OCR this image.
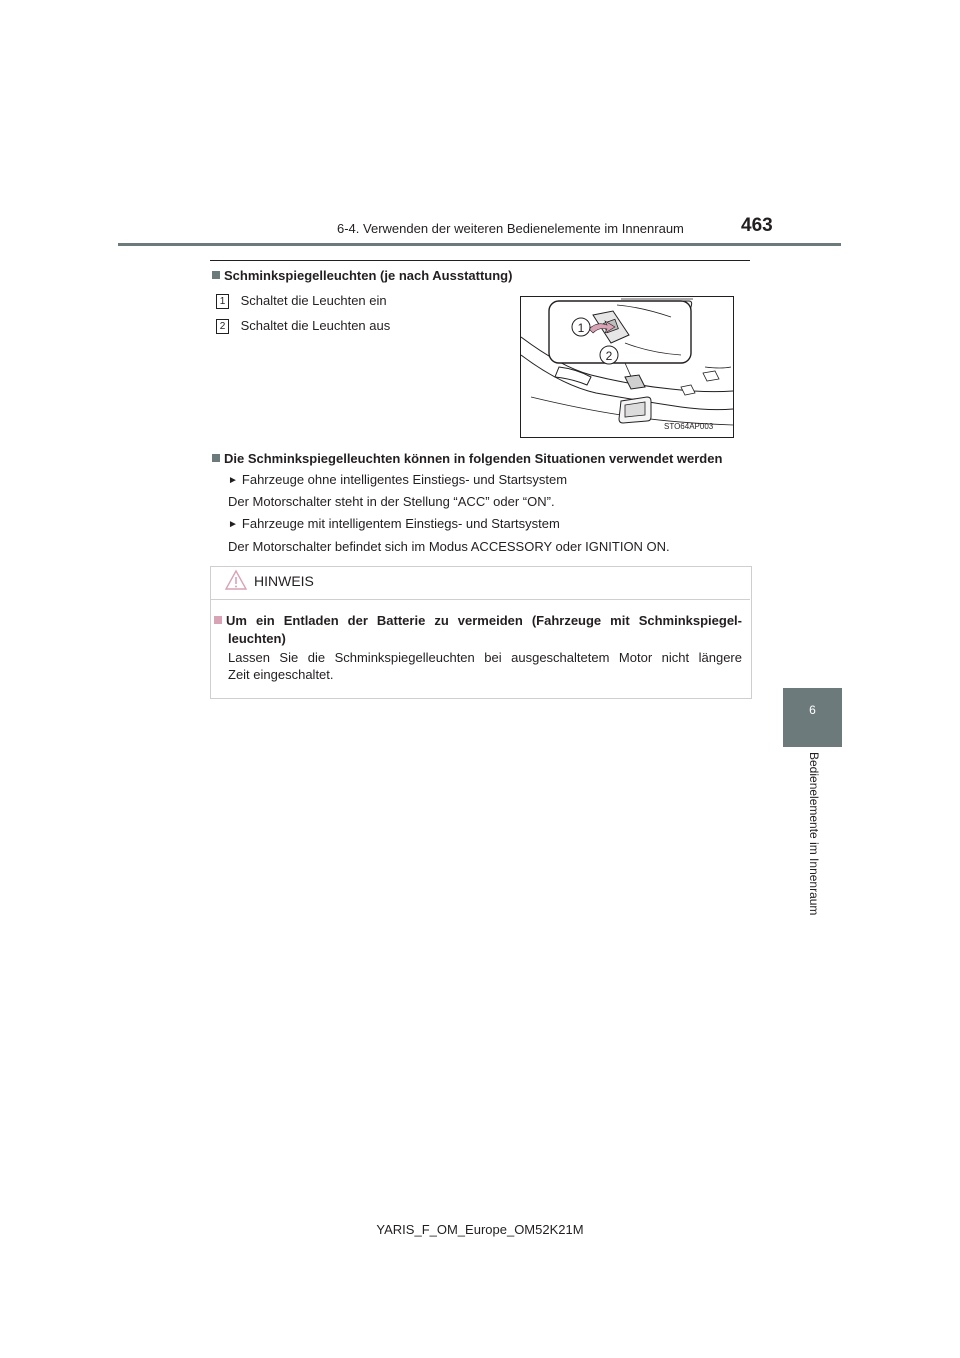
6-4. Verwenden der weiteren Bedienelemente im Innenraum	463
6
Bedienelemente im Innenraum
Schminkspiegelleuchten (je nach Ausstattung)
1 Schaltet die Leuchten ein
2 Schaltet die Leuchten aus	1
2
STO64AP003
Die Schminkspiegelleuchten können in folgenden Situationen verwendet werden
► Fahrzeuge ohne intelligentes Einstiegs- und Startsystem
Der Motorschalter steht in der Stellung “ACC” oder “ON”.
► Fahrzeuge mit intelligentem Einstiegs- und Startsystem
Der Motorschalter befindet sich im Modus ACCESSORY oder IGNITION ON.
HINWEIS
Um ein Entladen der Batterie zu vermeiden (Fahrzeuge mit Schminkspiegel-
leuchten)
Lassen Sie die Schminkspiegelleuchten bei ausgeschaltetem Motor nicht längere
Zeit eingeschaltet.
YARIS_F_OM_Europe_OM52K21M
